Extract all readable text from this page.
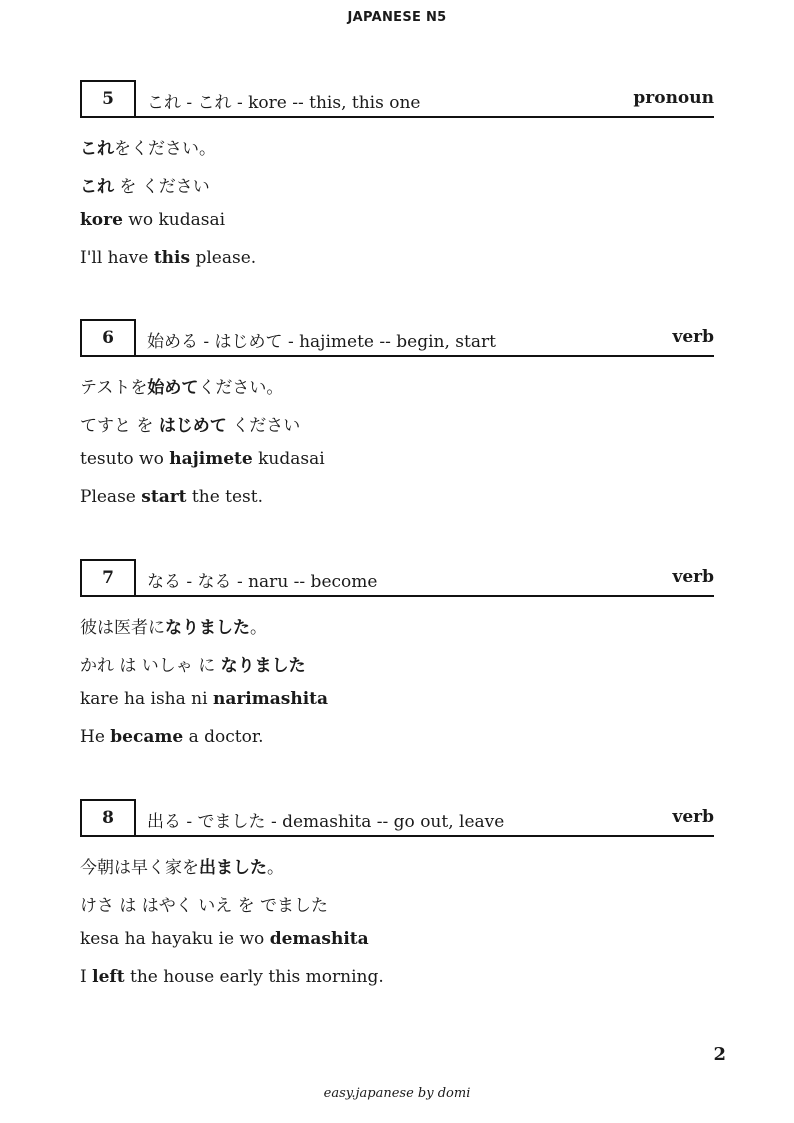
JAPANESE N5
5	これ - これ - kore -- this, this one	pronoun
これをください。
これ を ください
kore wo kudasai
I'll have this please.
6	始める - はじめて - hajimete -- begin, start	verb
テストを始めてください。
てすと を はじめて ください
tesuto wo hajimete kudasai
Please start the test.
7	なる - なる - naru -- become	verb
彼は医者になりました。
かれ は いしゃ に なりました
kare ha isha ni narimashita
He became a doctor.
8	出る - でました - demashita -- go out, leave	verb
今朝は早く家を出ました。
けさ は はやく いえ を でました
kesa ha hayaku ie wo demashita
I left the house early this morning.
2
easy.japanese by domi
